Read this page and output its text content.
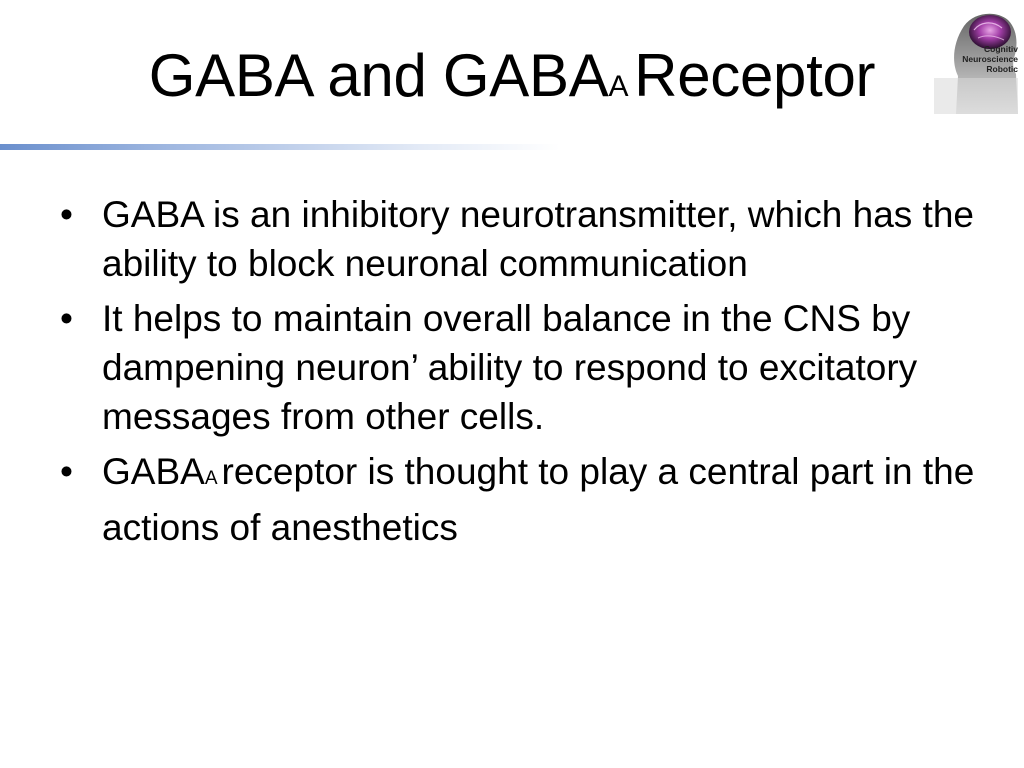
GABA and GABAA Receptor	Cognitiv
Neuroscience
Robotic
• GABA is an inhibitory neurotransmitter, which has the ability to block neuronal communication
• It helps to maintain overall balance in the CNS by dampening neuron’ ability to respond to excitatory messages from other cells.
• GABAA receptor is thought to play a central part in the actions of anesthetics
